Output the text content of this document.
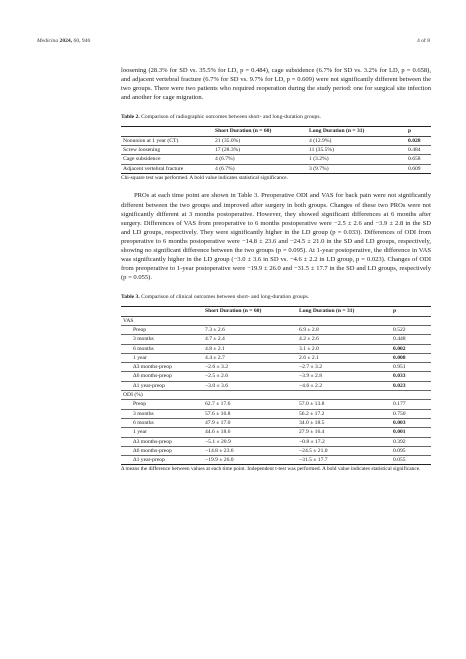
Medicina 2024, 60, 946	4 of 8

loosening (28.3% for SD vs. 35.5% for LD, p = 0.484), cage subsidence (6.7% for SD vs. 3.2% for LD, p = 0.658), and adjacent vertebral fracture (6.7% for SD vs. 9.7% for LD, p = 0.609) were not significantly different between the two groups. There were two patients who required reoperation during the study period: one for surgical site infection and another for cage migration.

Table 2. Comparison of radiographic outcomes between short- and long-duration groups.
	Short Duration (n = 60)	Long Duration (n = 31)	p
Nonunion at 1 year (CT)	21 (35.0%)	4 (12.9%)	0.028
Screw loosening	17 (28.3%)	11 (35.5%)	0.484
Cage subsidence	4 (6.7%)	1 (3.2%)	0.658
Adjacent vertebral fracture	4 (6.7%)	3 (9.7%)	0.609
Chi-square test was performed. A bold value indicates statistical significance.

PROs at each time point are shown in Table 3. Preoperative ODI and VAS for back pain were not significantly different between the two groups and improved after surgery in both groups. Changes of these two PROs were not significantly different at 3 months postoperative. However, they showed significant differences at 6 months after surgery. Differences of VAS from preoperative to 6 months postoperative were −2.5 ± 2.6 and −3.9 ± 2.8 in the SD and LD groups, respectively. They were significantly higher in the LD group (p = 0.033). Differences of ODI from preoperative to 6 months postoperative were −14.8 ± 23.6 and −24.5 ± 21.0 in the SD and LD groups, respectively, showing no significant difference between the two groups (p = 0.095). At 1-year postoperative, the difference in VAS was significantly higher in the LD group (−3.0 ± 3.6 in SD vs. −4.6 ± 2.2 in LD group, p = 0.023). Changes of ODI from preoperative to 1-year postoperative were −19.9 ± 26.0 and −31.5 ± 17.7 in the SD and LD groups, respectively (p = 0.055).

Table 3. Comparison of clinical outcomes between short- and long-duration groups.
	Short Duration (n = 60)	Long Duration (n = 31)	p
VAS			
Preop	7.3 ± 2.6	6.9 ± 2.8	0.522
3 months	4.7 ± 2.4	4.2 ± 2.6	0.448
6 months	4.8 ± 2.1	3.1 ± 2.0	0.002
1 year	4.4 ± 2.7	2.6 ± 2.1	0.008
Δ3 months-preop	−2.6 ± 3.2	−2.7 ± 3.2	0.951
Δ6 months-preop	−2.5 ± 2.6	−3.9 ± 2.8	0.033
Δ1 year-preop	−3.0 ± 3.6	−4.6 ± 2.2	0.023
ODI (%)			
Preop	62.7 ± 17.6	57.0 ± 13.8	0.177
3 months	57.6 ± 16.8	56.2 ± 17.2	0.750
6 months	47.9 ± 17.0	34.0 ± 18.5	0.003
1 year	44.6 ± 18.6	27.9 ± 16.4	0.001
Δ3 months-preop	−5.1 ± 20.9	−0.8 ± 17.2	0.392
Δ6 months-preop	−14.8 ± 23.6	−24.5 ± 21.0	0.095
Δ1 year-preop	−19.9 ± 26.0	−31.5 ± 17.7	0.055
Δ means the difference between values at each time point. Independent t-test was performed. A bold value indicates statistical significance.
